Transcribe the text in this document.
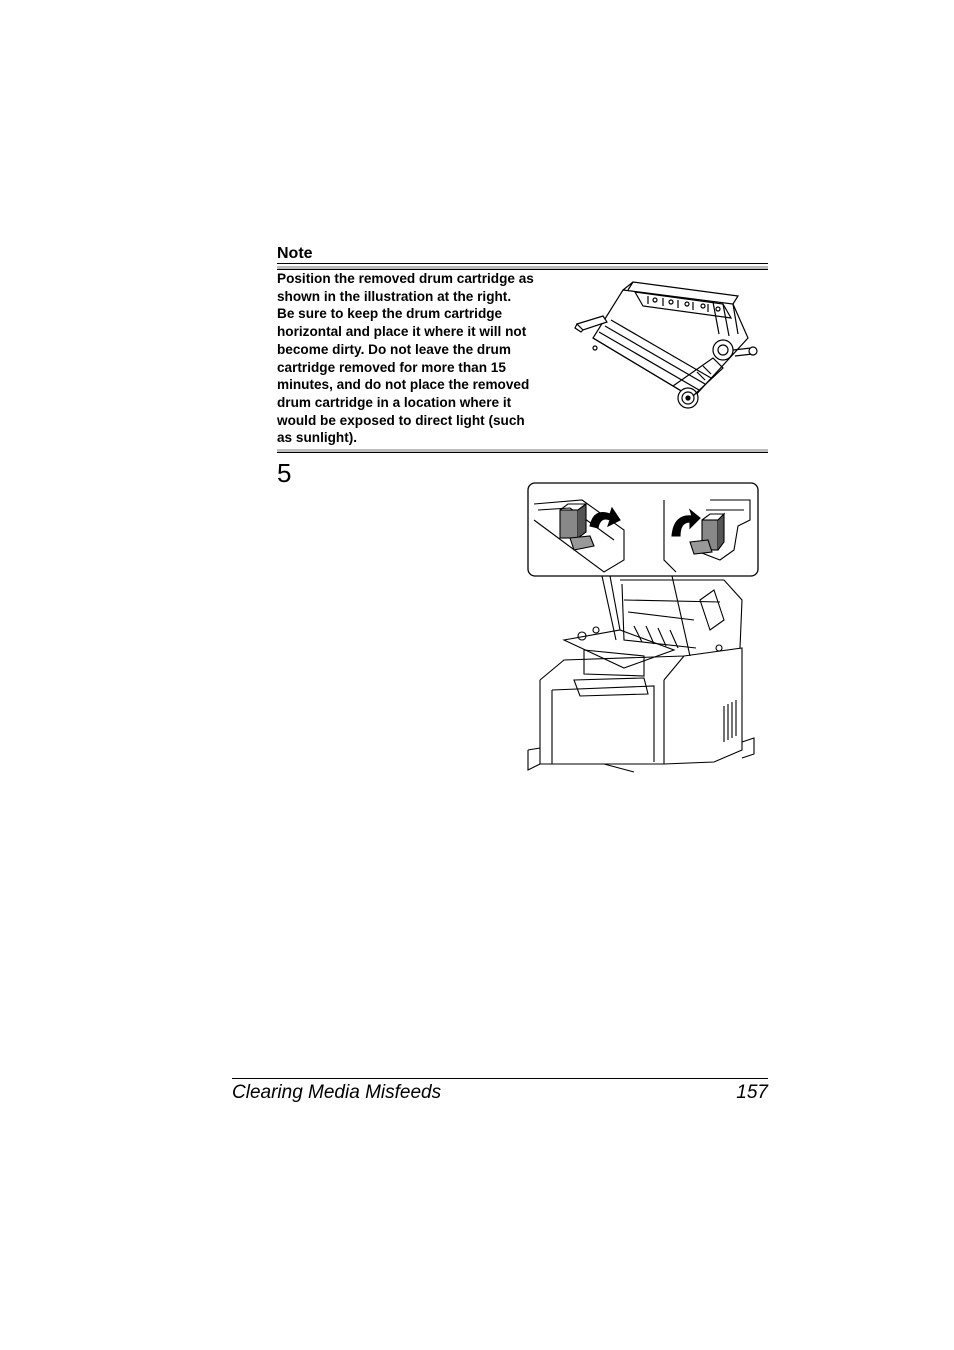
Note
Position the removed drum cartridge as
shown in the illustration at the right.
Be sure to keep the drum cartridge
horizontal and place it where it will not
become dirty. Do not leave the drum
cartridge removed for more than 15
minutes, and do not place the removed
drum cartridge in a location where it
would be exposed to direct light (such
as sunlight).
5
Clearing Media Misfeeds	157
